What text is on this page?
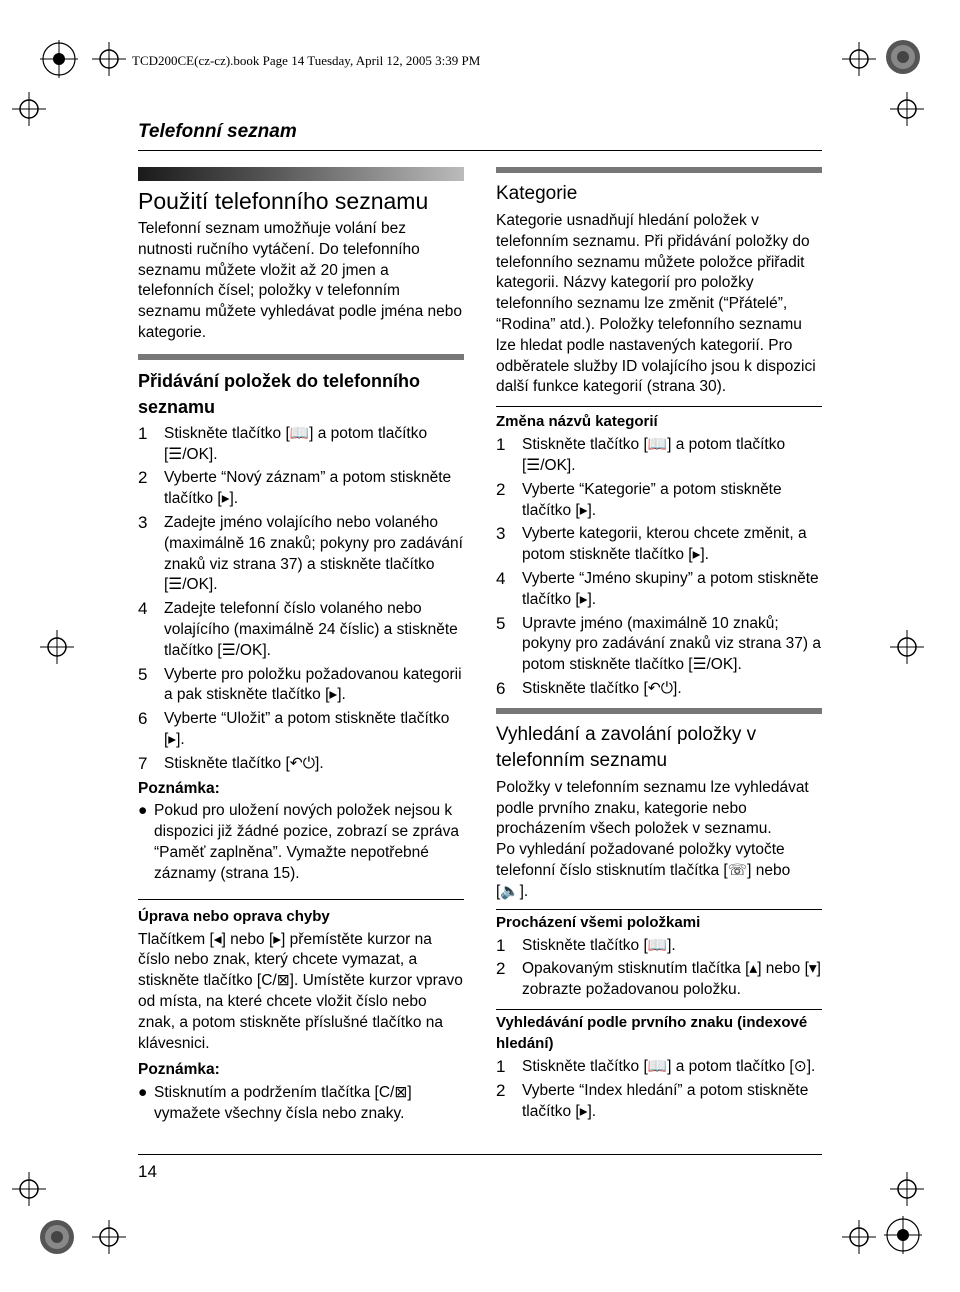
TCD200CE(cz-cz).book Page 14 Tuesday, April 12, 2005 3:39 PM
Telefonní seznam
Použití telefonního seznamu
Telefonní seznam umožňuje volání bez nutnosti ručního vytáčení. Do telefonního seznamu můžete vložit až 20 jmen a telefonních čísel; položky v telefonním seznamu můžete vyhledávat podle jména nebo kategorie.
Přidávání položek do telefonního seznamu
1	Stiskněte tlačítko [📖] a potom tlačítko [☰/OK].
2	Vyberte “Nový záznam” a potom stiskněte tlačítko [▸].
3	Zadejte jméno volajícího nebo volaného (maximálně 16 znaků; pokyny pro zadávání znaků viz strana 37) a stiskněte tlačítko [☰/OK].
4	Zadejte telefonní číslo volaného nebo volajícího (maximálně 24 číslic) a stiskněte tlačítko [☰/OK].
5	Vyberte pro položku požadovanou kategorii a pak stiskněte tlačítko [▸].
6	Vyberte “Uložit” a potom stiskněte tlačítko [▸].
7	Stiskněte tlačítko [↶⏻].
Poznámka:
● Pokud pro uložení nových položek nejsou k dispozici již žádné pozice, zobrazí se zpráva “Paměť zaplněna”. Vymažte nepotřebné záznamy (strana 15).
Úprava nebo oprava chyby
Tlačítkem [◂] nebo [▸] přemístěte kurzor na číslo nebo znak, který chcete vymazat, a stiskněte tlačítko [C/⊠]. Umístěte kurzor vpravo od místa, na které chcete vložit číslo nebo znak, a potom stiskněte příslušné tlačítko na klávesnici.
Poznámka:
● Stisknutím a podržením tlačítka [C/⊠] vymažete všechny čísla nebo znaky.
Kategorie
Kategorie usnadňují hledání položek v telefonním seznamu. Při přidávání položky do telefonního seznamu můžete položce přiřadit kategorii. Názvy kategorií pro položky telefonního seznamu lze změnit (“Přátelé”, “Rodina” atd.). Položky telefonního seznamu lze hledat podle nastavených kategorií. Pro odběratele služby ID volajícího jsou k dispozici další funkce kategorií (strana 30).
Změna názvů kategorií
1	Stiskněte tlačítko [📖] a potom tlačítko [☰/OK].
2	Vyberte “Kategorie” a potom stiskněte tlačítko [▸].
3	Vyberte kategorii, kterou chcete změnit, a potom stiskněte tlačítko [▸].
4	Vyberte “Jméno skupiny” a potom stiskněte tlačítko [▸].
5	Upravte jméno (maximálně 10 znaků; pokyny pro zadávání znaků viz strana 37) a potom stiskněte tlačítko [☰/OK].
6	Stiskněte tlačítko [↶⏻].
Vyhledání a zavolání položky v telefonním seznamu
Položky v telefonním seznamu lze vyhledávat podle prvního znaku, kategorie nebo procházením všech položek v seznamu.
Po vyhledání požadované položky vytočte telefonní číslo stisknutím tlačítka [☏] nebo [🔈].
Procházení všemi položkami
1	Stiskněte tlačítko [📖].
2	Opakovaným stisknutím tlačítka [▴] nebo [▾] zobrazte požadovanou položku.
Vyhledávání podle prvního znaku (indexové hledání)
1	Stiskněte tlačítko [📖] a potom tlačítko [⊙].
2	Vyberte “Index hledání” a potom stiskněte tlačítko [▸].
14
